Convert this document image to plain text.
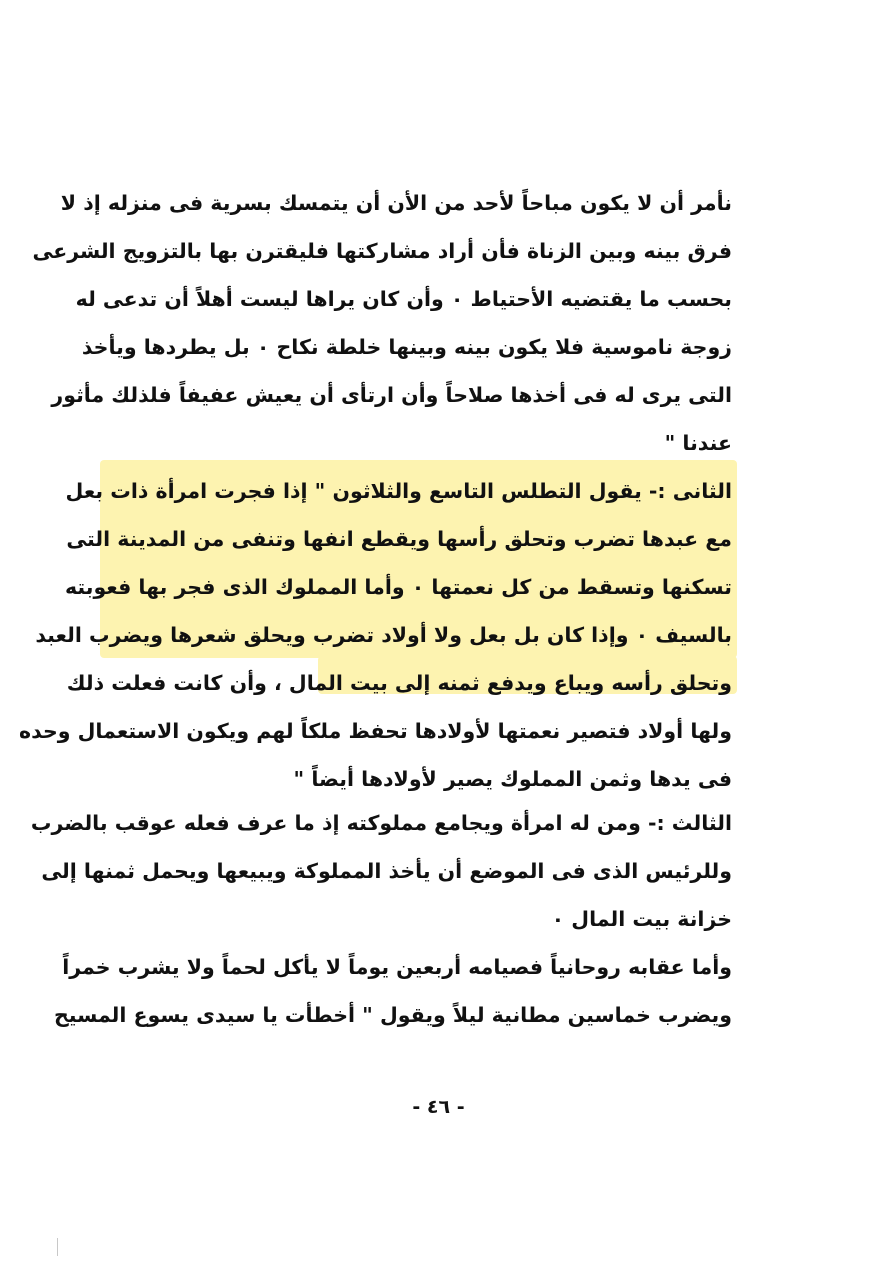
نأمر أن لا يكون مباحاً لأحد من الأن أن يتمسك بسرية فى منزله إذ لا
فرق بينه وبين الزناة فأن أراد مشاركتها فليقترن بها بالتزويج الشرعى
بحسب ما يقتضيه الأحتياط ٠ وأن كان يراها ليست أهلاً أن تدعى له
زوجة ناموسية فلا يكون بينه وبينها خلطة نكاح ٠ بل يطردها ويأخذ
التى يرى له فى أخذها صلاحاً وأن ارتأى أن يعيش عفيفاً فلذلك مأثور
عندنا "
الثانى :- يقول التطلس التاسع والثلاثون " إذا فجرت امرأة ذات بعل
مع عبدها تضرب وتحلق رأسها ويقطع انفها وتنفى من المدينة التى
تسكنها وتسقط من كل نعمتها ٠ وأما المملوك الذى فجر بها فعوبته
بالسيف ٠ وإذا كان بل بعل ولا أولاد تضرب ويحلق شعرها ويضرب العبد
وتحلق رأسه ويباع ويدفع ثمنه إلى بيت المال ، وأن كانت فعلت ذلك
ولها أولاد فتصير نعمتها لأولادها تحفظ ملكاً لهم ويكون الاستعمال وحده
فى يدها وثمن المملوك يصير لأولادها أيضاً "
الثالث :- ومن له امرأة ويجامع مملوكته إذ ما عرف فعله عوقب بالضرب
وللرئيس الذى فى الموضع أن يأخذ المملوكة ويبيعها ويحمل ثمنها إلى
خزانة بيت المال ٠
وأما عقابه روحانياً فصيامه أربعين يوماً لا يأكل لحماً ولا يشرب خمراً
ويضرب خماسين مطانية ليلاً ويقول " أخطأت يا سيدى يسوع المسيح
- ٤٦ -
